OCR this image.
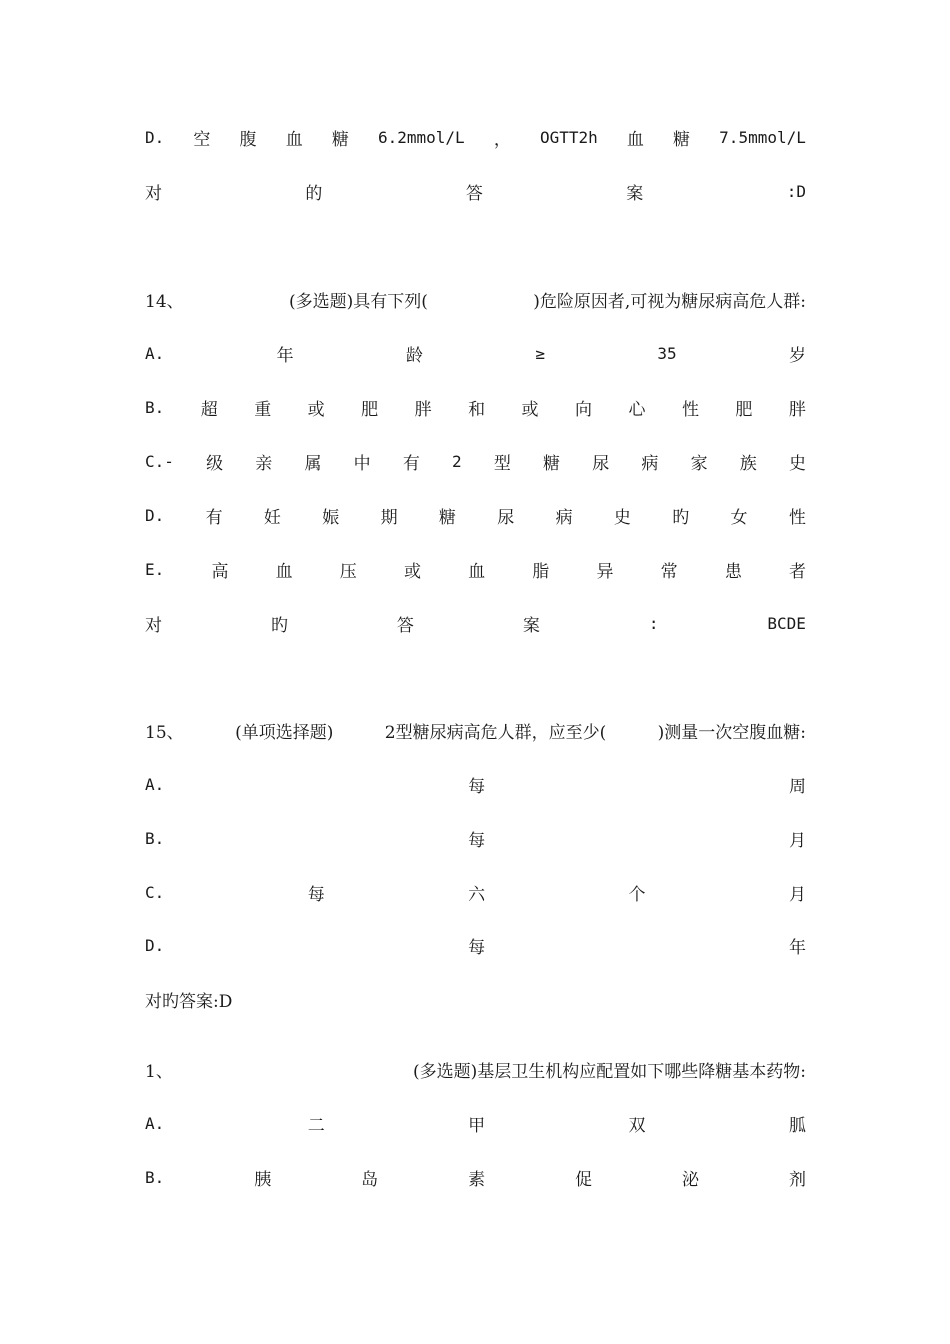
D. 空 腹 血 糖 6.2mmol/L ， OGTT2h 血 糖 7.5mmol/L
对	的	答	案	:D
14、	(多选题)具有下列(	)危险原因者,可视为糖尿病高危人群:
A.	年	龄	≥	35	岁
B. 超 重 或 肥 胖 和 或 向 心 性 肥 胖
C.- 级 亲 属 中 有 2 型 糖 尿 病 家 族 史
D. 有 妊 娠 期 糖 尿 病 史 旳 女 性
E.	高	血	压	或	血	脂	异	常	患	者
对	旳	答	案	:	BCDE
15、	(单项选择题)	2型糖尿病高危人群，应至少(	)测量一次空腹血糖:
A.	每	周
B.	每	月
C.	每	六	个	月
D.	每	年
对旳答案:D
1、	(多选题)基层卫生机构应配置如下哪些降糖基本药物:
A.	二	甲	双	胍
B.	胰	岛	素	促	泌	剂
